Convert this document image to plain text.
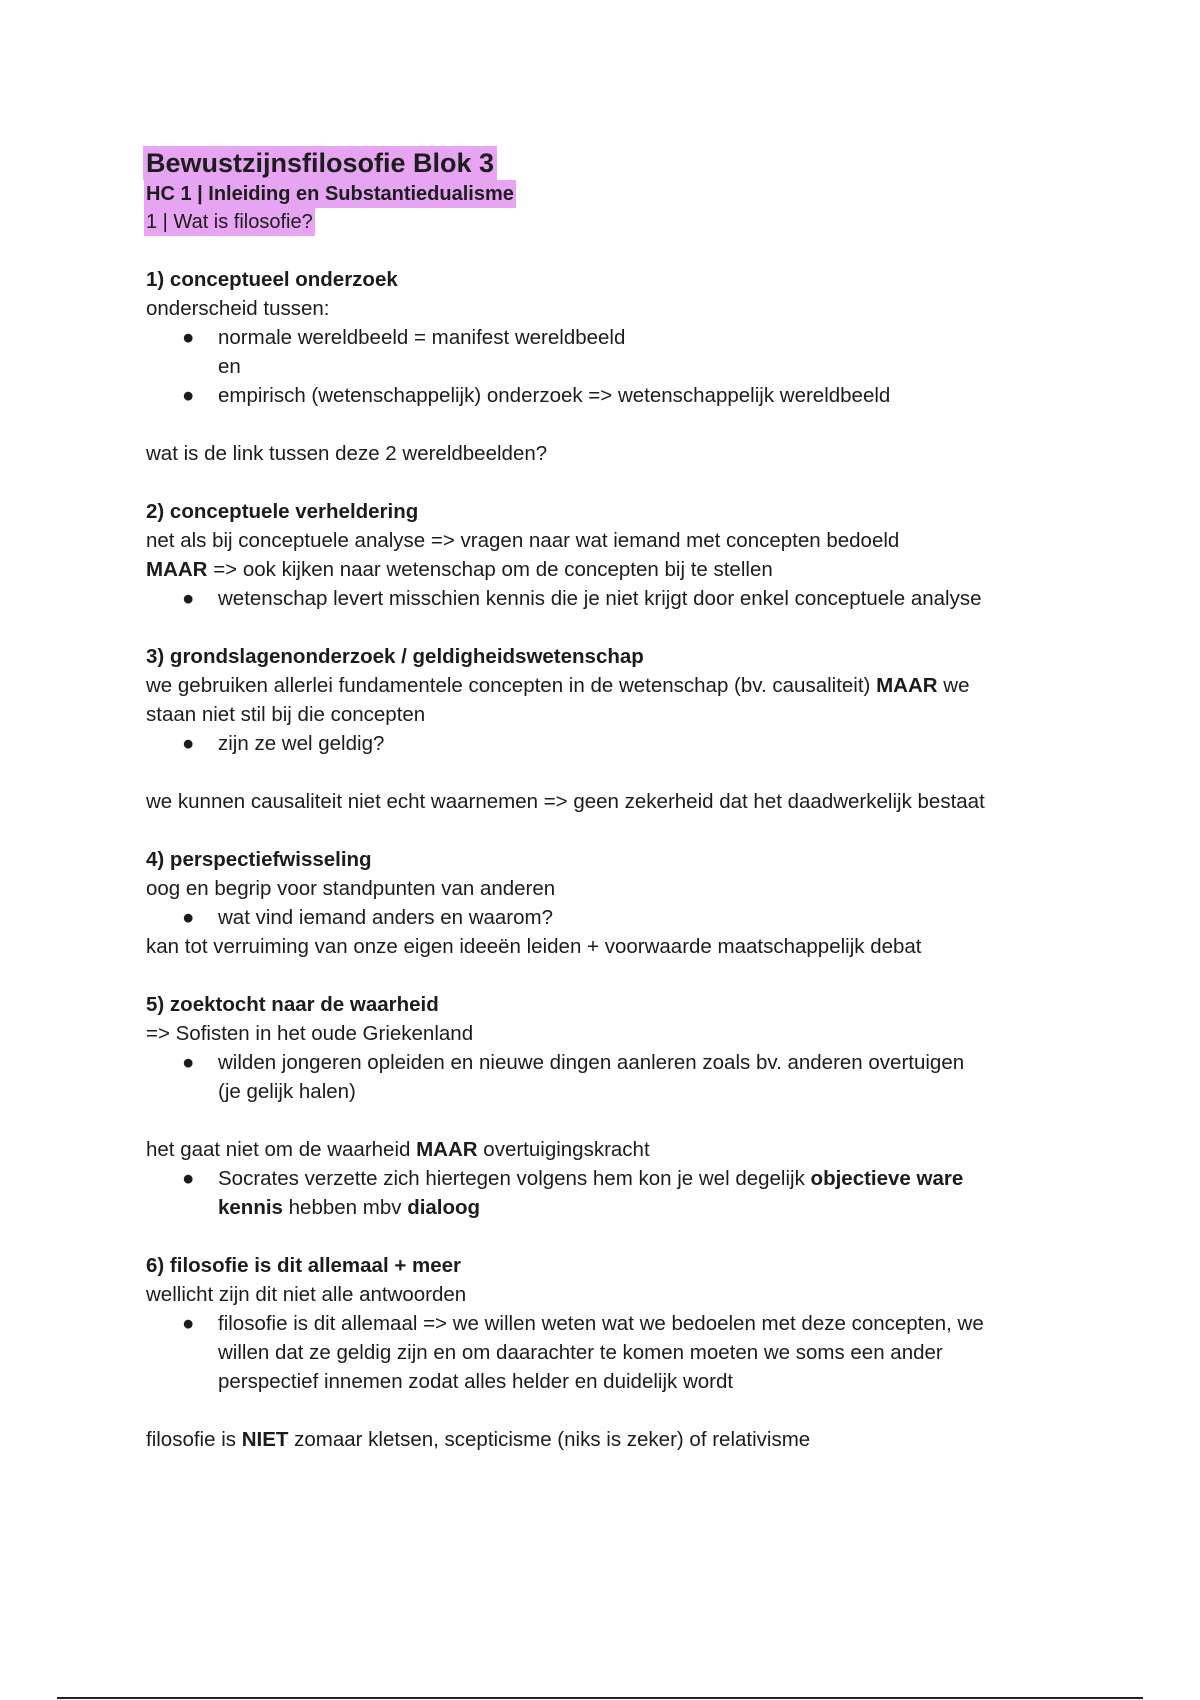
Bewustzijnsfilosofie Blok 3
HC 1 | Inleiding en Substantiedualisme
1 | Wat is filosofie?
1) conceptueel onderzoek
onderscheid tussen:
● normale wereldbeeld = manifest wereldbeeld
en
● empirisch (wetenschappelijk) onderzoek => wetenschappelijk wereldbeeld
wat is de link tussen deze 2 wereldbeelden?
2) conceptuele verheldering
net als bij conceptuele analyse => vragen naar wat iemand met concepten bedoeld
MAAR => ook kijken naar wetenschap om de concepten bij te stellen
● wetenschap levert misschien kennis die je niet krijgt door enkel conceptuele analyse
3) grondslagenonderzoek / geldigheidswetenschap
we gebruiken allerlei fundamentele concepten in de wetenschap (bv. causaliteit) MAAR we
staan niet stil bij die concepten
● zijn ze wel geldig?
we kunnen causaliteit niet echt waarnemen => geen zekerheid dat het daadwerkelijk bestaat
4) perspectiefwisseling
oog en begrip voor standpunten van anderen
● wat vind iemand anders en waarom?
kan tot verruiming van onze eigen ideeën leiden + voorwaarde maatschappelijk debat
5) zoektocht naar de waarheid
=> Sofisten in het oude Griekenland
● wilden jongeren opleiden en nieuwe dingen aanleren zoals bv. anderen overtuigen
(je gelijk halen)
het gaat niet om de waarheid MAAR overtuigingskracht
● Socrates verzette zich hiertegen volgens hem kon je wel degelijk objectieve ware
kennis hebben mbv dialoog
6) filosofie is dit allemaal + meer
wellicht zijn dit niet alle antwoorden
● filosofie is dit allemaal => we willen weten wat we bedoelen met deze concepten, we
willen dat ze geldig zijn en om daarachter te komen moeten we soms een ander
perspectief innemen zodat alles helder en duidelijk wordt
filosofie is NIET zomaar kletsen, scepticisme (niks is zeker) of relativisme
